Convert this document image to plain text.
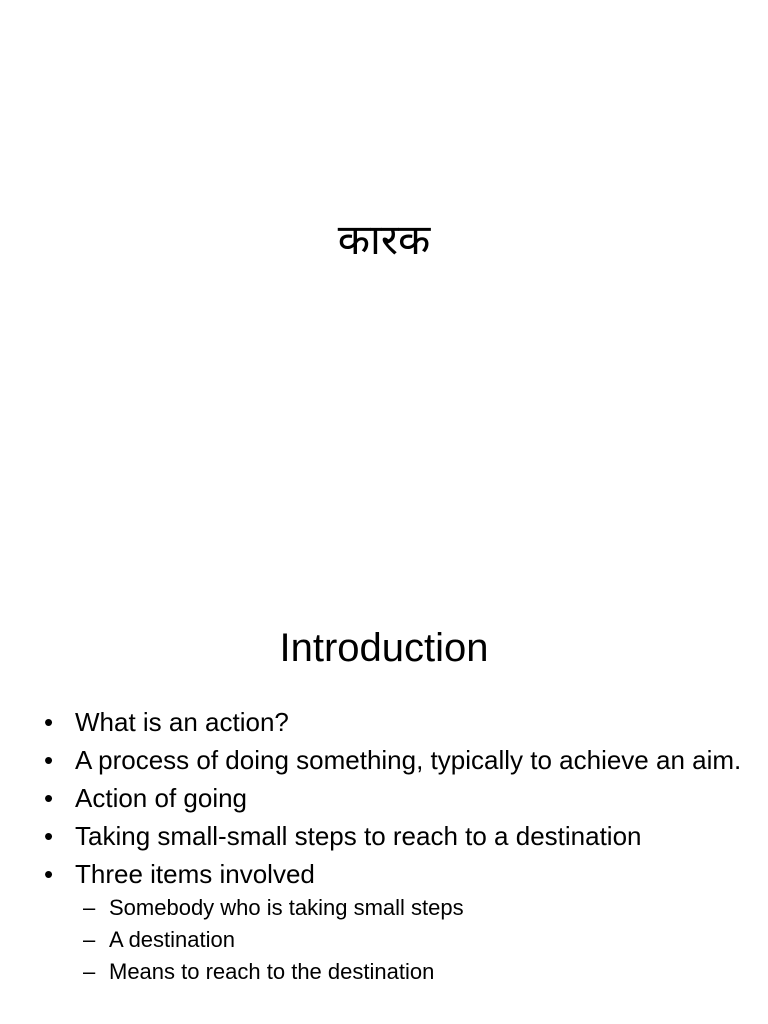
कारक
Introduction
• What is an action?
• A process of doing something, typically to achieve an aim.
• Action of going
• Taking small-small steps to reach to a destination
• Three items involved
– Somebody who is taking small steps
– A destination
– Means to reach to the destination
